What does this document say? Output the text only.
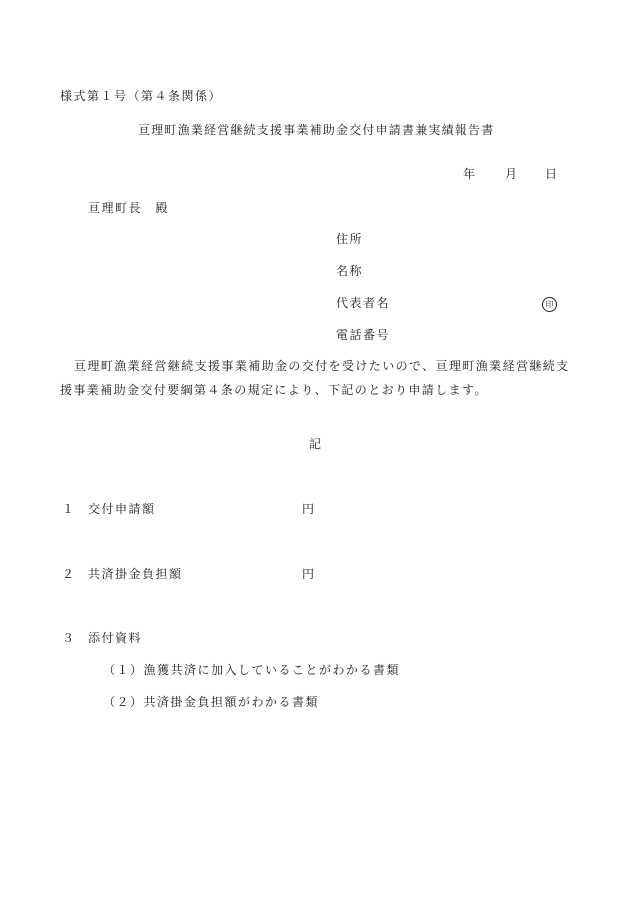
様式第１号（第４条関係）
亘理町漁業経営継続支援事業補助金交付申請書兼実績報告書
年 月 日
亘理町長　殿
住所
名称
代表者名	印
電話番号
亘理町漁業経営継続支援事業補助金の交付を受けたいので、亘理町漁業経営継続支援事業補助金交付要綱第４条の規定により、下記のとおり申請します。
記
１ 交付申請額	円
２ 共済掛金負担額	円
３ 添付資料
（１）漁獲共済に加入していることがわかる書類
（２）共済掛金負担額がわかる書類
